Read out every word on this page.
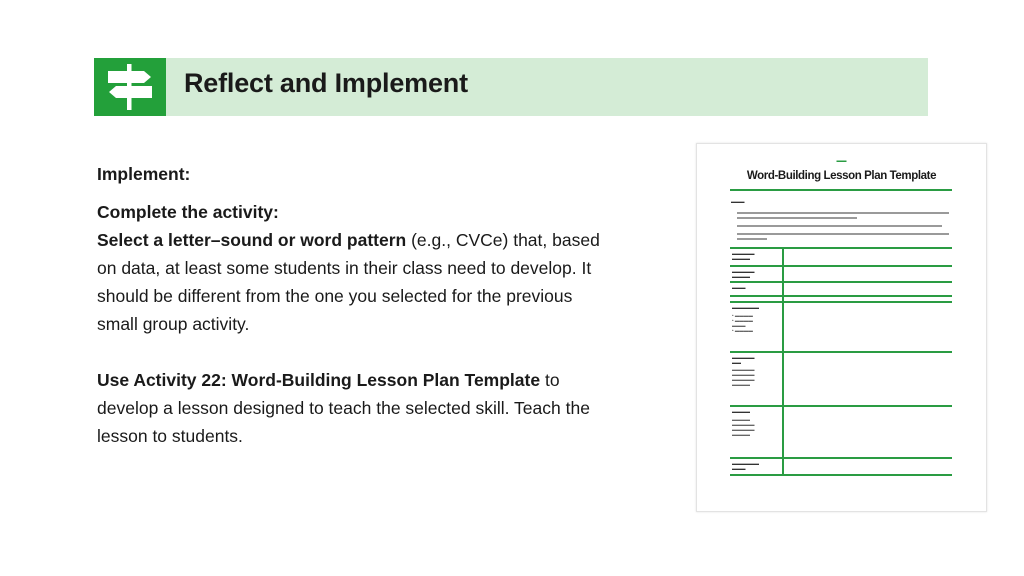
Reflect and Implement

Implement:

Complete the activity:

Select a letter–sound or word pattern (e.g., CVCe) that, based on data, at least some students in their class need to develop. It should be different from the one you selected for the previous small group activity.

Use Activity 22: Word-Building Lesson Plan Template to develop a lesson designed to teach the selected skill. Teach the lesson to students.

▬▬
Word-Building Lesson Plan Template
▬▬▬
▬▬▬▬▬
▬▬▬▬
▬▬▬▬▬
▬▬▬▬
▬▬▬
▬▬▬▬▬▬
• ▬▬▬▬
• ▬▬▬▬
▬▬▬
• ▬▬▬▬
▬▬▬▬▬
▬▬
▬▬▬▬▬
▬▬▬▬▬
▬▬▬▬▬
▬▬▬▬
▬▬▬▬
▬▬▬▬
▬▬▬▬▬
▬▬▬▬▬
▬▬▬▬
▬▬▬▬▬▬
▬▬▬
